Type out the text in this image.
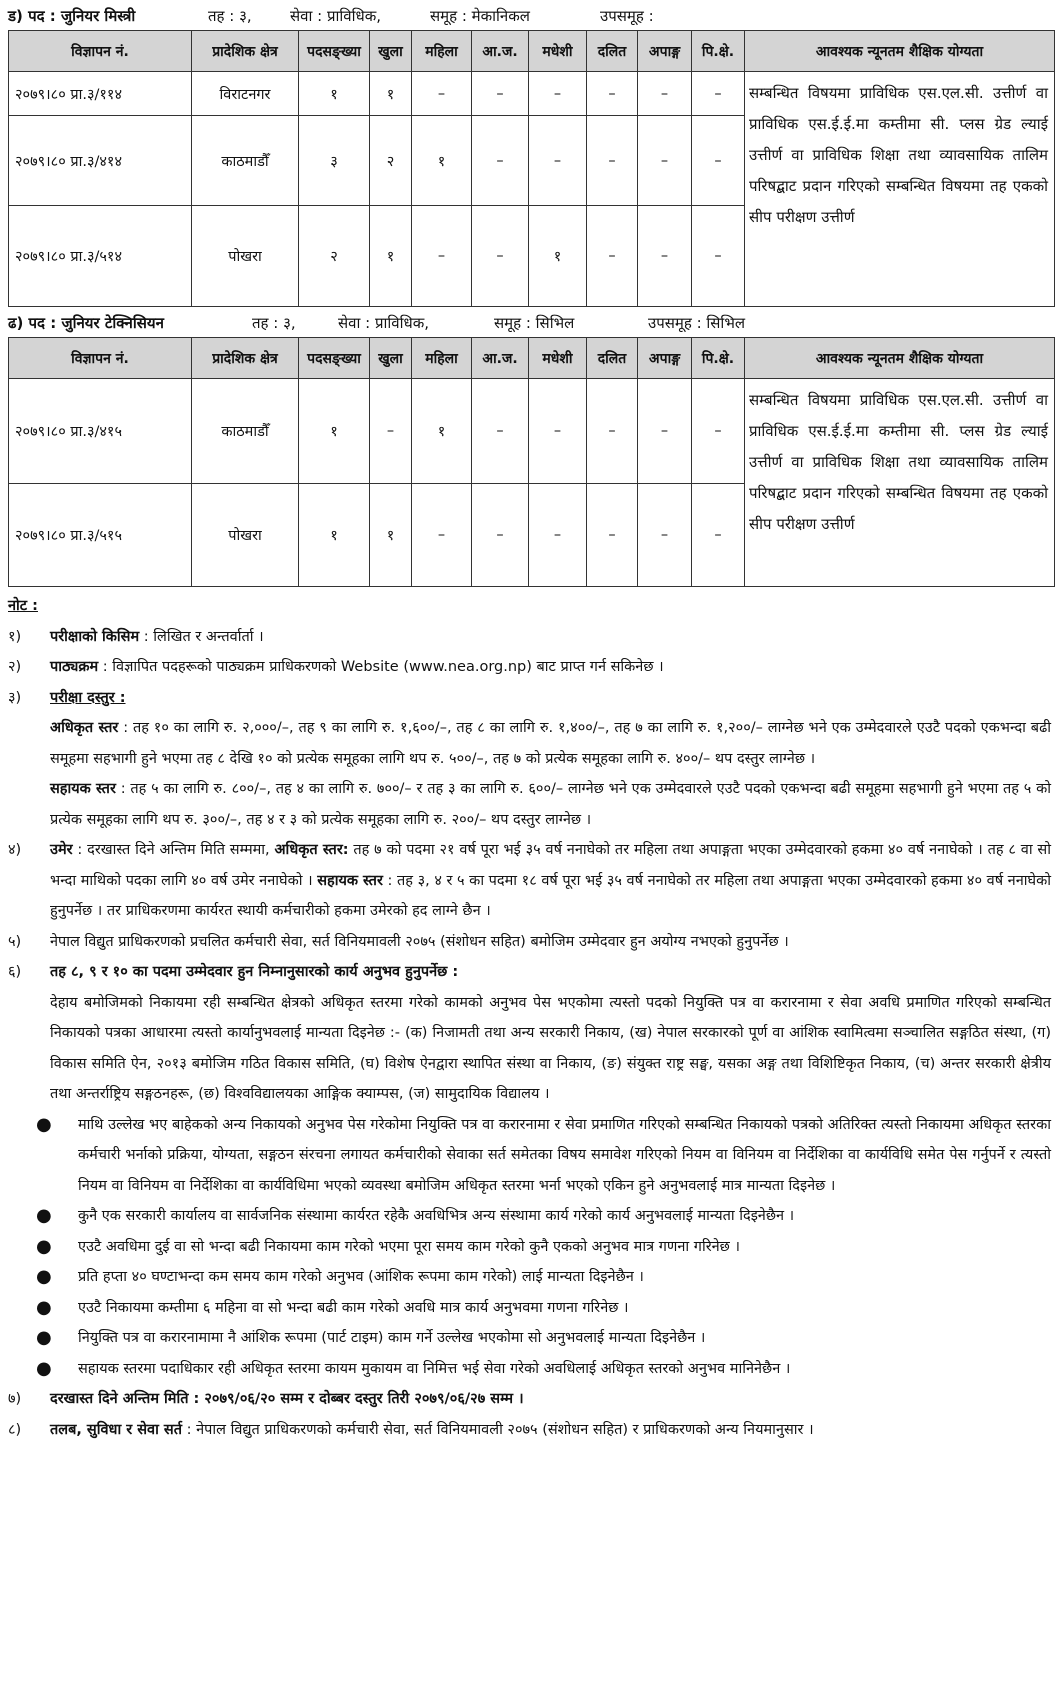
ड) पद : जुनियर मिस्त्री	तह : ३,	सेवा : प्राविधिक,	समूह : मेकानिकल	उपसमूह :
विज्ञापन नं.	प्रादेशिक क्षेत्र	पदसङ्ख्या	खुला	महिला	आ.ज.	मधेशी	दलित	अपाङ्ग	पि.क्षे.	आवश्यक न्यूनतम शैक्षिक योग्यता
२०७९।८० प्रा.३/११४	विराटनगर	१	१	–	–	–	–	–	–	सम्बन्धित विषयमा प्राविधिक एस.एल.सी. उत्तीर्ण वा प्राविधिक एस.ई.ई.मा कम्तीमा सी. प्लस ग्रेड ल्याई उत्तीर्ण वा प्राविधिक शिक्षा तथा व्यावसायिक तालिम परिषद्बाट प्रदान गरिएको सम्बन्धित विषयमा तह एकको सीप परीक्षण उत्तीर्ण
२०७९।८० प्रा.३/४१४	काठमाडौँ	३	२	१	–	–	–	–	–	
२०७९।८० प्रा.३/५१४	पोखरा	२	१	–	–	१	–	–	–	
ढ) पद : जुनियर टेक्निसियन	तह : ३,	सेवा : प्राविधिक,	समूह : सिभिल	उपसमूह : सिभिल
विज्ञापन नं.	प्रादेशिक क्षेत्र	पदसङ्ख्या	खुला	महिला	आ.ज.	मधेशी	दलित	अपाङ्ग	पि.क्षे.	आवश्यक न्यूनतम शैक्षिक योग्यता
२०७९।८० प्रा.३/४१५	काठमाडौँ	१	–	१	–	–	–	–	–	सम्बन्धित विषयमा प्राविधिक एस.एल.सी. उत्तीर्ण वा प्राविधिक एस.ई.ई.मा कम्तीमा सी. प्लस ग्रेड ल्याई उत्तीर्ण वा प्राविधिक शिक्षा तथा व्यावसायिक तालिम परिषद्बाट प्रदान गरिएको सम्बन्धित विषयमा तह एकको सीप परीक्षण उत्तीर्ण
२०७९।८० प्रा.३/५१५	पोखरा	१	१	–	–	–	–	–	–	
नोट :
१)	परीक्षाको किसिम : लिखित र अन्तर्वार्ता ।
२)	पाठ्यक्रम : विज्ञापित पदहरूको पाठ्यक्रम प्राधिकरणको Website (www.nea.org.np) बाट प्राप्त गर्न सकिनेछ ।
३)	परीक्षा दस्तुर :
अधिकृत स्तर : तह १० का लागि रु. २,०००/–, तह ९ का लागि रु. १,६००/–, तह ८ का लागि रु. १,४००/–, तह ७ का लागि रु. १,२००/– लाग्नेछ भने एक उम्मेदवारले एउटै पदको एकभन्दा बढी समूहमा सहभागी हुने भएमा तह ८ देखि १० को प्रत्येक समूहका लागि थप रु. ५००/–, तह ७ को प्रत्येक समूहका लागि रु. ४००/– थप दस्तुर लाग्नेछ ।
सहायक स्तर : तह ५ का लागि रु. ८००/–, तह ४ का लागि रु. ७००/– र तह ३ का लागि रु. ६००/– लाग्नेछ भने एक उम्मेदवारले एउटै पदको एकभन्दा बढी समूहमा सहभागी हुने भएमा तह ५ को प्रत्येक समूहका लागि थप रु. ३००/–, तह ४ र ३ को प्रत्येक समूहका लागि रु. २००/– थप दस्तुर लाग्नेछ ।
४)	उमेर : दरखास्त दिने अन्तिम मिति सम्ममा, अधिकृत स्तर: तह ७ को पदमा २१ वर्ष पूरा भई ३५ वर्ष ननाघेको तर महिला तथा अपाङ्गता भएका उम्मेदवारको हकमा ४० वर्ष ननाघेको । तह ८ वा सो भन्दा माथिको पदका लागि ४० वर्ष उमेर ननाघेको । सहायक स्तर : तह ३, ४ र ५ का पदमा १८ वर्ष पूरा भई ३५ वर्ष ननाघेको तर महिला तथा अपाङ्गता भएका उम्मेदवारको हकमा ४० वर्ष ननाघेको हुनुपर्नेछ । तर प्राधिकरणमा कार्यरत स्थायी कर्मचारीको हकमा उमेरको हद लाग्ने छैन ।
५)	नेपाल विद्युत प्राधिकरणको प्रचलित कर्मचारी सेवा, सर्त विनियमावली २०७५ (संशोधन सहित) बमोजिम उम्मेदवार हुन अयोग्य नभएको हुनुपर्नेछ ।
६)	तह ८, ९ र १० का पदमा उम्मेदवार हुन निम्नानुसारको कार्य अनुभव हुनुपर्नेछ :
देहाय बमोजिमको निकायमा रही सम्बन्धित क्षेत्रको अधिकृत स्तरमा गरेको कामको अनुभव पेस भएकोमा त्यस्तो पदको नियुक्ति पत्र वा करारनामा र सेवा अवधि प्रमाणित गरिएको सम्बन्धित निकायको पत्रका आधारमा त्यस्तो कार्यानुभवलाई मान्यता दिइनेछ :- (क) निजामती तथा अन्य सरकारी निकाय, (ख) नेपाल सरकारको पूर्ण वा आंशिक स्वामित्वमा सञ्चालित सङ्गठित संस्था, (ग) विकास समिति ऐन, २०१३ बमोजिम गठित विकास समिति, (घ) विशेष ऐनद्वारा स्थापित संस्था वा निकाय, (ङ) संयुक्त राष्ट्र सङ्घ, यसका अङ्ग तथा विशिष्टिकृत निकाय, (च) अन्तर सरकारी क्षेत्रीय तथा अन्तर्राष्ट्रिय सङ्गठनहरू, (छ) विश्वविद्यालयका आङ्गिक क्याम्पस, (ज) सामुदायिक विद्यालय ।
●	माथि उल्लेख भए बाहेकको अन्य निकायको अनुभव पेस गरेकोमा नियुक्ति पत्र वा करारनामा र सेवा प्रमाणित गरिएको सम्बन्धित निकायको पत्रको अतिरिक्त त्यस्तो निकायमा अधिकृत स्तरका कर्मचारी भर्नाको प्रक्रिया, योग्यता, सङ्गठन संरचना लगायत कर्मचारीको सेवाका सर्त समेतका विषय समावेश गरिएको नियम वा विनियम वा निर्देशिका वा कार्यविधि समेत पेस गर्नुपर्ने र त्यस्तो नियम वा विनियम वा निर्देशिका वा कार्यविधिमा भएको व्यवस्था बमोजिम अधिकृत स्तरमा भर्ना भएको एकिन हुने अनुभवलाई मात्र मान्यता दिइनेछ ।
●	कुनै एक सरकारी कार्यालय वा सार्वजनिक संस्थामा कार्यरत रहेकै अवधिभित्र अन्य संस्थामा कार्य गरेको कार्य अनुभवलाई मान्यता दिइनेछैन ।
●	एउटै अवधिमा दुई वा सो भन्दा बढी निकायमा काम गरेको भएमा पूरा समय काम गरेको कुनै एकको अनुभव मात्र गणना गरिनेछ ।
●	प्रति हप्ता ४० घण्टाभन्दा कम समय काम गरेको अनुभव (आंशिक रूपमा काम गरेको) लाई मान्यता दिइनेछैन ।
●	एउटै निकायमा कम्तीमा ६ महिना वा सो भन्दा बढी काम गरेको अवधि मात्र कार्य अनुभवमा गणना गरिनेछ ।
●	नियुक्ति पत्र वा करारनामामा नै आंशिक रूपमा (पार्ट टाइम) काम गर्ने उल्लेख भएकोमा सो अनुभवलाई मान्यता दिइनेछैन ।
●	सहायक स्तरमा पदाधिकार रही अधिकृत स्तरमा कायम मुकायम वा निमित्त भई सेवा गरेको अवधिलाई अधिकृत स्तरको अनुभव मानिनेछैन ।
७)	दरखास्त दिने अन्तिम मिति : २०७९/०६/२० सम्म र दोब्बर दस्तुर तिरी २०७९/०६/२७ सम्म ।
८)	तलब, सुविधा र सेवा सर्त : नेपाल विद्युत प्राधिकरणको कर्मचारी सेवा, सर्त विनियमावली २०७५ (संशोधन सहित) र प्राधिकरणको अन्य नियमानुसार ।
